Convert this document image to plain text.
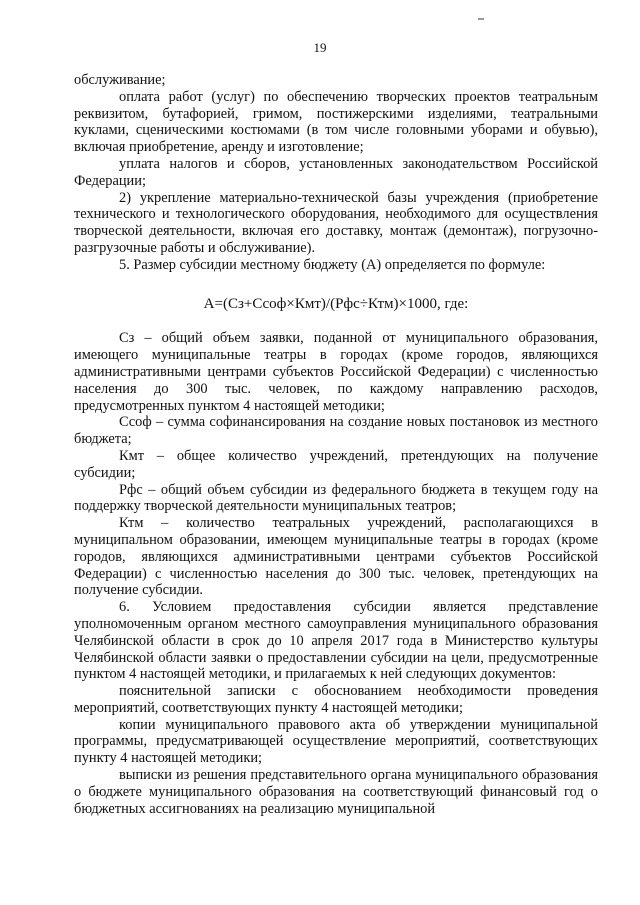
19

обслуживание;

оплата работ (услуг) по обеспечению творческих проектов театральным реквизитом, бутафорией, гримом, постижерскими изделиями, театральными куклами, сценическими костюмами (в том числе головными уборами и обувью), включая приобретение, аренду и изготовление;

уплата налогов и сборов, установленных законодательством Российской Федерации;

2) укрепление материально-технической базы учреждения (приобретение технического и технологического оборудования, необходимого для осуществления творческой деятельности, включая его доставку, монтаж (демонтаж), погрузочно-разгрузочные работы и обслуживание).

5. Размер субсидии местному бюджету (А) определяется по формуле:

А=(Сз+Ссоф×Кмт)/(Рфс÷Ктм)×1000, где:

Сз – общий объем заявки, поданной от муниципального образования, имеющего муниципальные театры в городах (кроме городов, являющихся административными центрами субъектов Российской Федерации) с численностью населения до 300 тыс. человек, по каждому направлению расходов, предусмотренных пунктом 4 настоящей методики;

Ссоф – сумма софинансирования на создание новых постановок из местного бюджета;

Кмт – общее количество учреждений, претендующих на получение субсидии;

Рфс – общий объем субсидии из федерального бюджета в текущем году на поддержку творческой деятельности муниципальных театров;

Ктм – количество театральных учреждений, располагающихся в муниципальном образовании, имеющем муниципальные театры в городах (кроме городов, являющихся административными центрами субъектов Российской Федерации) с численностью населения до 300 тыс. человек, претендующих на получение субсидии.

6. Условием предоставления субсидии является представление уполномоченным органом местного самоуправления муниципального образования Челябинской области в срок до 10 апреля 2017 года в Министерство культуры Челябинской области заявки о предоставлении субсидии на цели, предусмотренные пунктом 4 настоящей методики, и прилагаемых к ней следующих документов:

пояснительной записки с обоснованием необходимости проведения мероприятий, соответствующих пункту 4 настоящей методики;

копии муниципального правового акта об утверждении муниципальной программы, предусматривающей осуществление мероприятий, соответствующих пункту 4 настоящей методики;

выписки из решения представительного органа муниципального образования о бюджете муниципального образования на соответствующий финансовый год о бюджетных ассигнованиях на реализацию муниципальной
